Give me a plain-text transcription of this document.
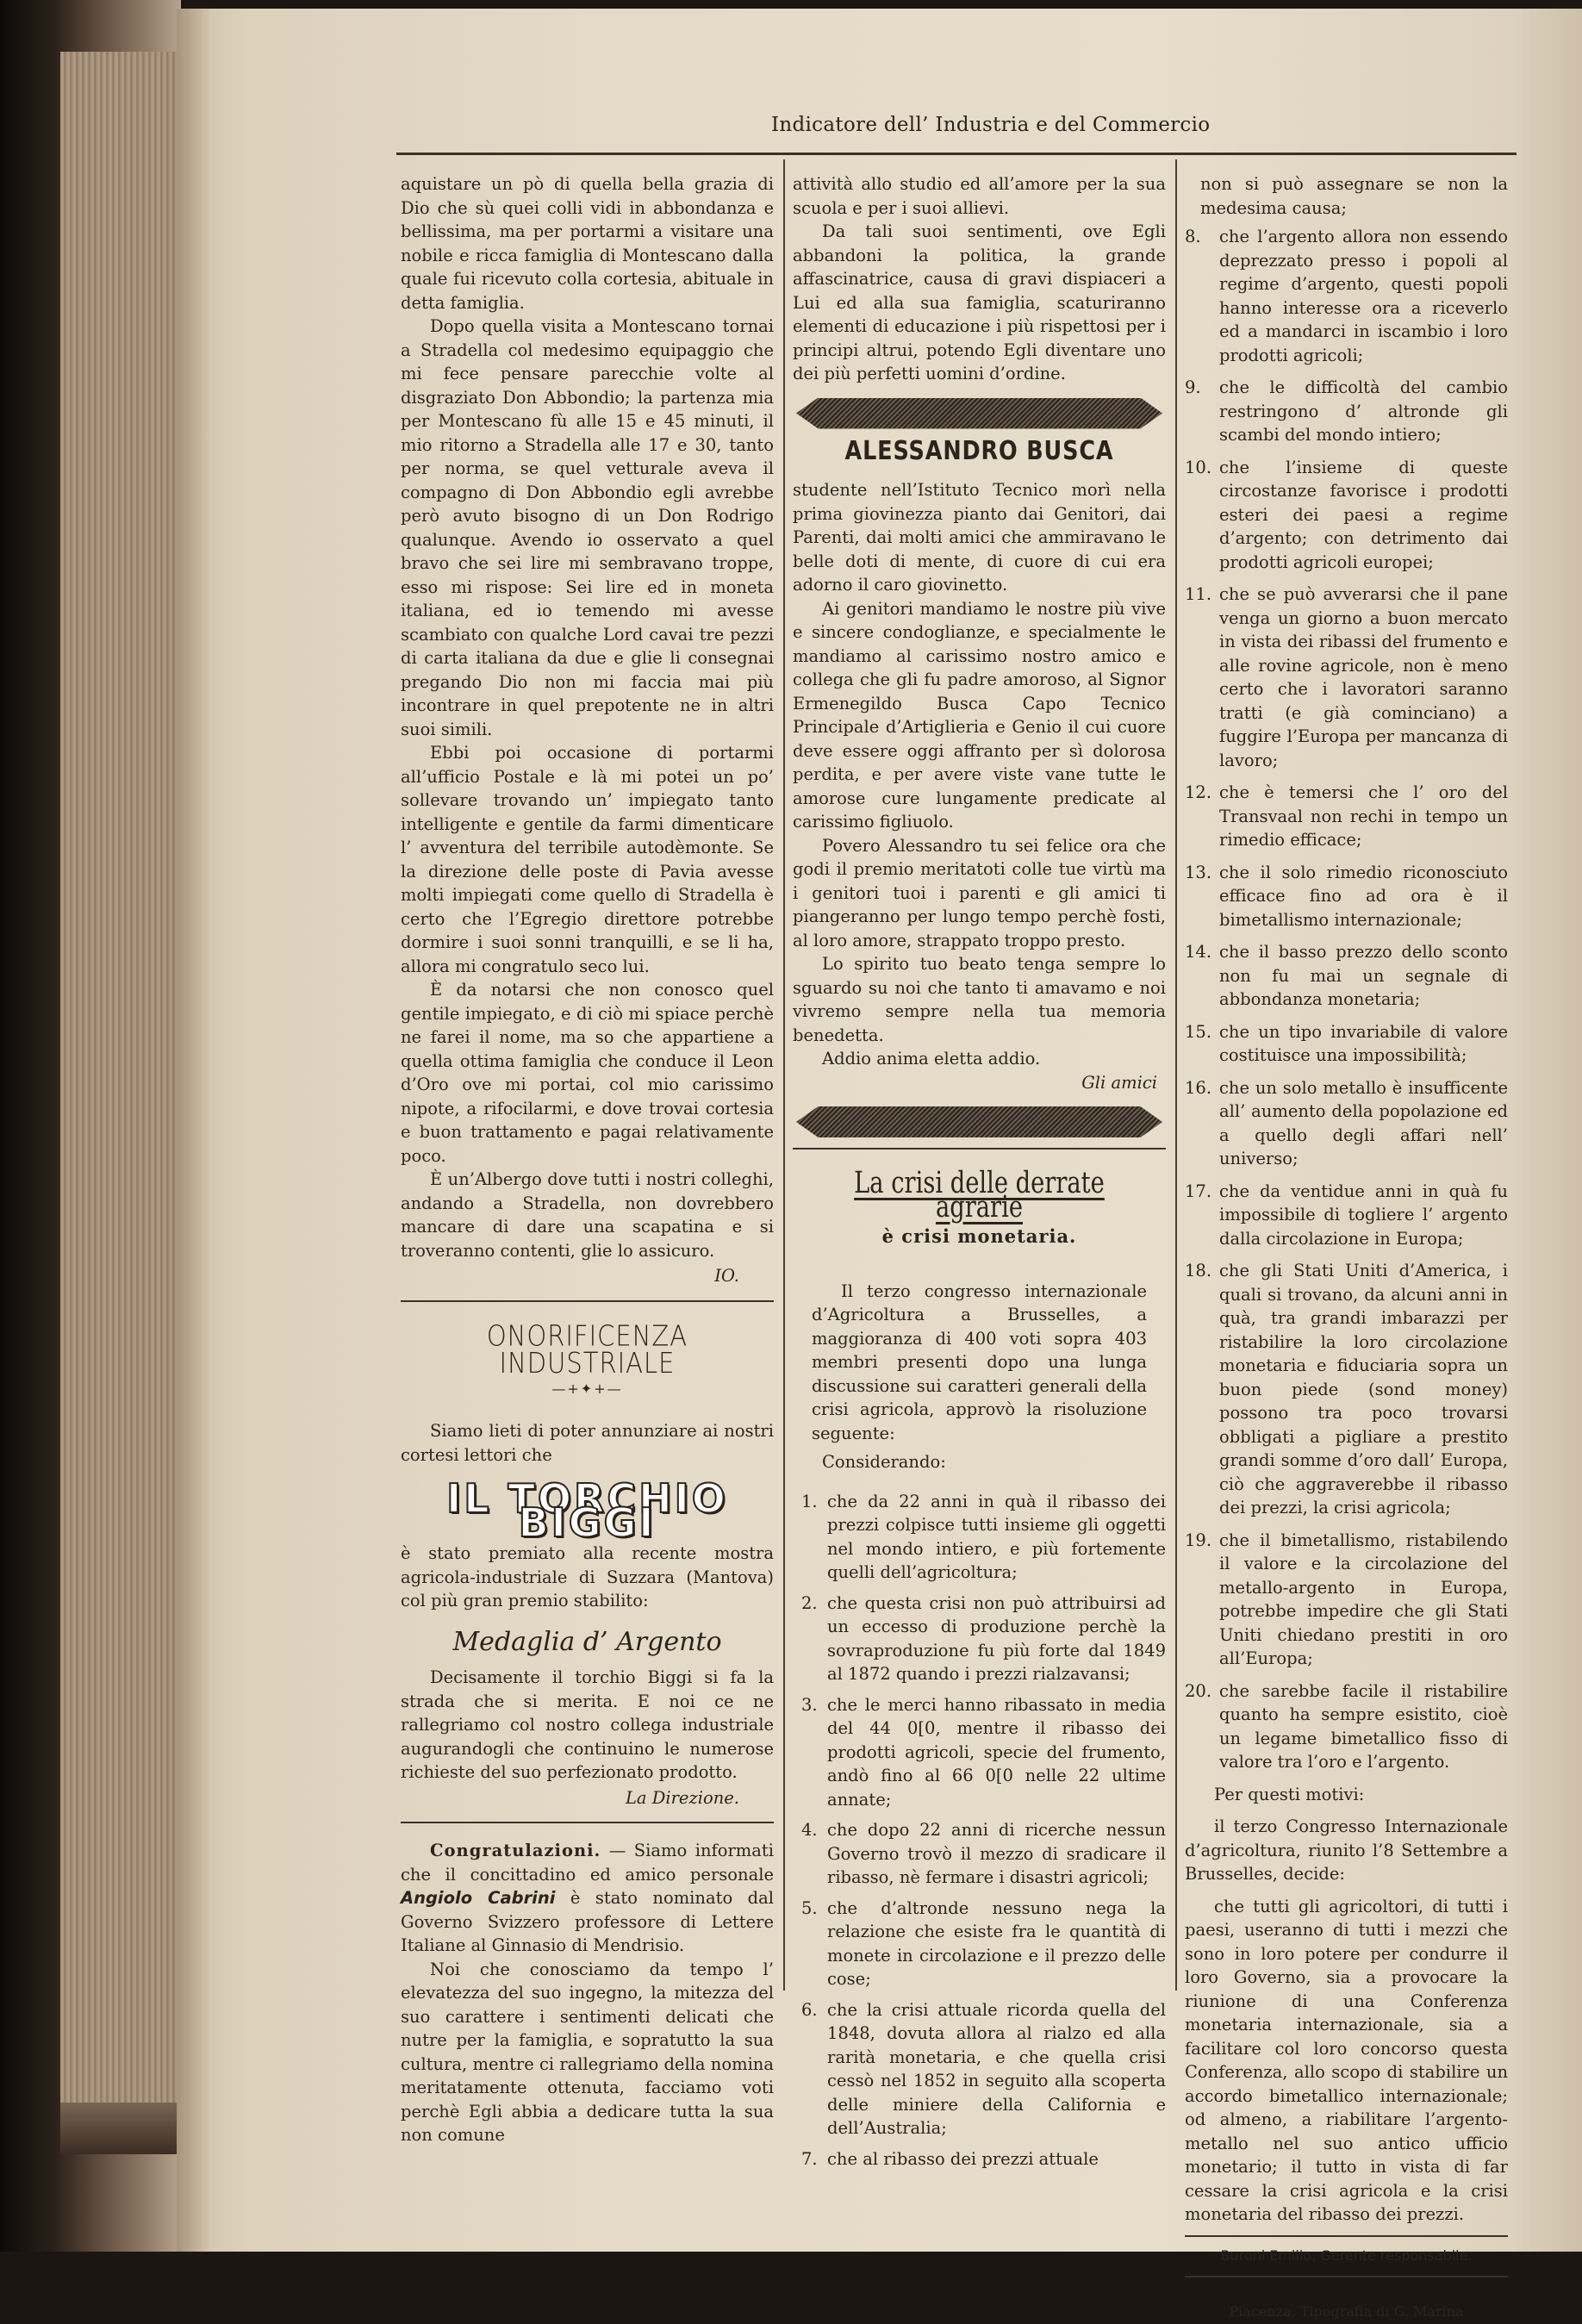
Indicatore dell’ Industria e del Commercio

aquistare un pò di quella bella grazia di Dio che sù quei colli vidi in abbondanza e bellissima, ma per portarmi a visitare una nobile e ricca famiglia di Montescano dalla quale fui ricevuto colla cortesia, abituale in detta famiglia.

Dopo quella visita a Montescano tornai a Stradella col medesimo equipaggio che mi fece pensare parecchie volte al disgraziato Don Abbondio; la partenza mia per Montescano fù alle 15 e 45 minuti, il mio ritorno a Stradella alle 17 e 30, tanto per norma, se quel vetturale aveva il compagno di Don Abbondio egli avrebbe però avuto bisogno di un Don Rodrigo qualunque. Avendo io osservato a quel bravo che sei lire mi sembravano troppe, esso mi rispose: Sei lire ed in moneta italiana, ed io temendo mi avesse scambiato con qualche Lord cavai tre pezzi di carta italiana da due e glie li consegnai pregando Dio non mi faccia mai più incontrare in quel prepotente ne in altri suoi simili.

Ebbi poi occasione di portarmi all’ufficio Postale e là mi potei un po’ sollevare trovando un’ impiegato tanto intelligente e gentile da farmi dimenticare l’ avventura del terribile autodèmonte. Se la direzione delle poste di Pavia avesse molti impiegati come quello di Stradella è certo che l’Egregio direttore potrebbe dormire i suoi sonni tranquilli, e se li ha, allora mi congratulo seco lui.

È da notarsi che non conosco quel gentile impiegato, e di ciò mi spiace perchè ne farei il nome, ma so che appartiene a quella ottima famiglia che conduce il Leon d’Oro ove mi portai, col mio carissimo nipote, a rifocilarmi, e dove trovai cortesia e buon trattamento e pagai relativamente poco.

È un’Albergo dove tutti i nostri colleghi, andando a Stradella, non dovrebbero mancare di dare una scapatina e si troveranno contenti, glie lo assicuro.

IO.
ONORIFICENZA INDUSTRIALE
—+✦+—

Siamo lieti di poter annunziare ai nostri cortesi lettori che

IL TORCHIO BIGGI

è stato premiato alla recente mostra agricola-industriale di Suzzara (Mantova) col più gran premio stabilito:

Medaglia d’ Argento

Decisamente il torchio Biggi si fa la strada che si merita. E noi ce ne rallegriamo col nostro collega industriale augurandogli che continuino le numerose richieste del suo perfezionato prodotto.

La Direzione.

Congratulazioni. — Siamo informati che il concittadino ed amico personale Angiolo Cabrini è stato nominato dal Governo Svizzero professore di Lettere Italiane al Ginnasio di Mendrisio.

Noi che conosciamo da tempo l’ elevatezza del suo ingegno, la mitezza del suo carattere i sentimenti delicati che nutre per la famiglia, e sopratutto la sua cultura, mentre ci rallegriamo della nomina meritatamente ottenuta, facciamo voti perchè Egli abbia a dedicare tutta la sua non comune

attività allo studio ed all’amore per la sua scuola e per i suoi allievi.

Da tali suoi sentimenti, ove Egli abbandoni la politica, la grande affascinatrice, causa di gravi dispiaceri a Lui ed alla sua famiglia, scaturiranno elementi di educazione i più rispettosi per i principi altrui, potendo Egli diventare uno dei più perfetti uomini d’ordine.

ALESSANDRO BUSCA

studente nell’Istituto Tecnico morì nella prima giovinezza pianto dai Genitori, dai Parenti, dai molti amici che ammiravano le belle doti di mente, di cuore di cui era adorno il caro giovinetto.

Ai genitori mandiamo le nostre più vive e sincere condoglianze, e specialmente le mandiamo al carissimo nostro amico e collega che gli fu padre amoroso, al Signor Ermenegildo Busca Capo Tecnico Principale d’Artiglieria e Genio il cui cuore deve essere oggi affranto per sì dolorosa perdita, e per avere viste vane tutte le amorose cure lungamente predicate al carissimo figliuolo.

Povero Alessandro tu sei felice ora che godi il premio meritatoti colle tue virtù ma i genitori tuoi i parenti e gli amici ti piangeranno per lungo tempo perchè fosti, al loro amore, strappato troppo presto.

Lo spirito tuo beato tenga sempre lo sguardo su noi che tanto ti amavamo e noi vivremo sempre nella tua memoria benedetta.

Addio anima eletta addio.

Gli amici
La crisi delle derrate agrarie
è crisi monetaria.

Il terzo congresso internazionale d’Agricoltura a Brusselles, a maggioranza di 400 voti sopra 403 membri presenti dopo una lunga discussione sui caratteri generali della crisi agricola, approvò la risoluzione seguente:

Considerando:

1. che da 22 anni in quà il ribasso dei prezzi colpisce tutti insieme gli oggetti nel mondo intiero, e più fortemente quelli dell’agricoltura;
2. che questa crisi non può attribuirsi ad un eccesso di produzione perchè la sovraproduzione fu più forte dal 1849 al 1872 quando i prezzi rialzavansi;
3. che le merci hanno ribassato in media del 44 0[0, mentre il ribasso dei prodotti agricoli, specie del frumento, andò fino al 66 0[0 nelle 22 ultime annate;
4. che dopo 22 anni di ricerche nessun Governo trovò il mezzo di sradicare il ribasso, nè fermare i disastri agricoli;
5. che d’altronde nessuno nega la relazione che esiste fra le quantità di monete in circolazione e il prezzo delle cose;
6. che la crisi attuale ricorda quella del 1848, dovuta allora al rialzo ed alla rarità monetaria, e che quella crisi cessò nel 1852 in seguito alla scoperta delle miniere della California e dell’Australia;
7. che al ribasso dei prezzi attuale

non si può assegnare se non la medesima causa;

8.	che l’argento allora non essendo deprezzato presso i popoli al regime d’argento, questi popoli hanno interesse ora a riceverlo ed a mandarci in iscambio i loro prodotti agricoli;
9.	che le difficoltà del cambio restringono d’ altronde gli scambi del mondo intiero;
10. che l’insieme di queste circostanze favorisce i prodotti esteri dei paesi a regime d’argento; con detrimento dai prodotti agricoli europei;
11. che se può avverarsi che il pane venga un giorno a buon mercato in vista dei ribassi del frumento e alle rovine agricole, non è meno certo che i lavoratori saranno tratti (e già cominciano) a fuggire l’Europa per mancanza di lavoro;
12. che è temersi che l’ oro del Transvaal non rechi in tempo un rimedio efficace;
13. che il solo rimedio riconosciuto efficace fino ad ora è il bimetallismo internazionale;
14. che il basso prezzo dello sconto non fu mai un segnale di abbondanza monetaria;
15. che un tipo invariabile di valore costituisce una impossibilità;
16. che un solo metallo è insufficente all’ aumento della popolazione ed a quello degli affari nell’ universo;
17. che da ventidue anni in quà fu impossibile di togliere l’ argento dalla circolazione in Europa;
18. che gli Stati Uniti d’America, i quali si trovano, da alcuni anni in quà, tra grandi imbarazzi per ristabilire la loro circolazione monetaria e fiduciaria sopra un buon piede (sond money) possono tra poco trovarsi obbligati a pigliare a prestito grandi somme d’oro dall’ Europa, ciò che aggraverebbe il ribasso dei prezzi, la crisi agricola;
19. che il bimetallismo, ristabilendo il valore e la circolazione del metallo-argento in Europa, potrebbe impedire che gli Stati Uniti chiedano prestiti in oro all’Europa;
20. che sarebbe facile il ristabilire quanto ha sempre esistito, cioè un legame bimetallico fisso di valore tra l’oro e l’argento.

Per questi motivi:

il terzo Congresso Internazionale d’agricoltura, riunito l’8 Settembre a Brusselles, decide:

che tutti gli agricoltori, di tutti i paesi, useranno di tutti i mezzi che sono in loro potere per condurre il loro Governo, sia a provocare la riunione di una Conferenza monetaria internazionale, sia a facilitare col loro concorso questa Conferenza, allo scopo di stabilire un accordo bimetallico internazionale; od almeno, a riabilitare l’argento-metallo nel suo antico ufficio monetario; il tutto in vista di far cessare la crisi agricola e la crisi monetaria del ribasso dei prezzi.

Buroni Emilio, Gerente responsabile.
Piacenza, Tipografia di G. Marina
